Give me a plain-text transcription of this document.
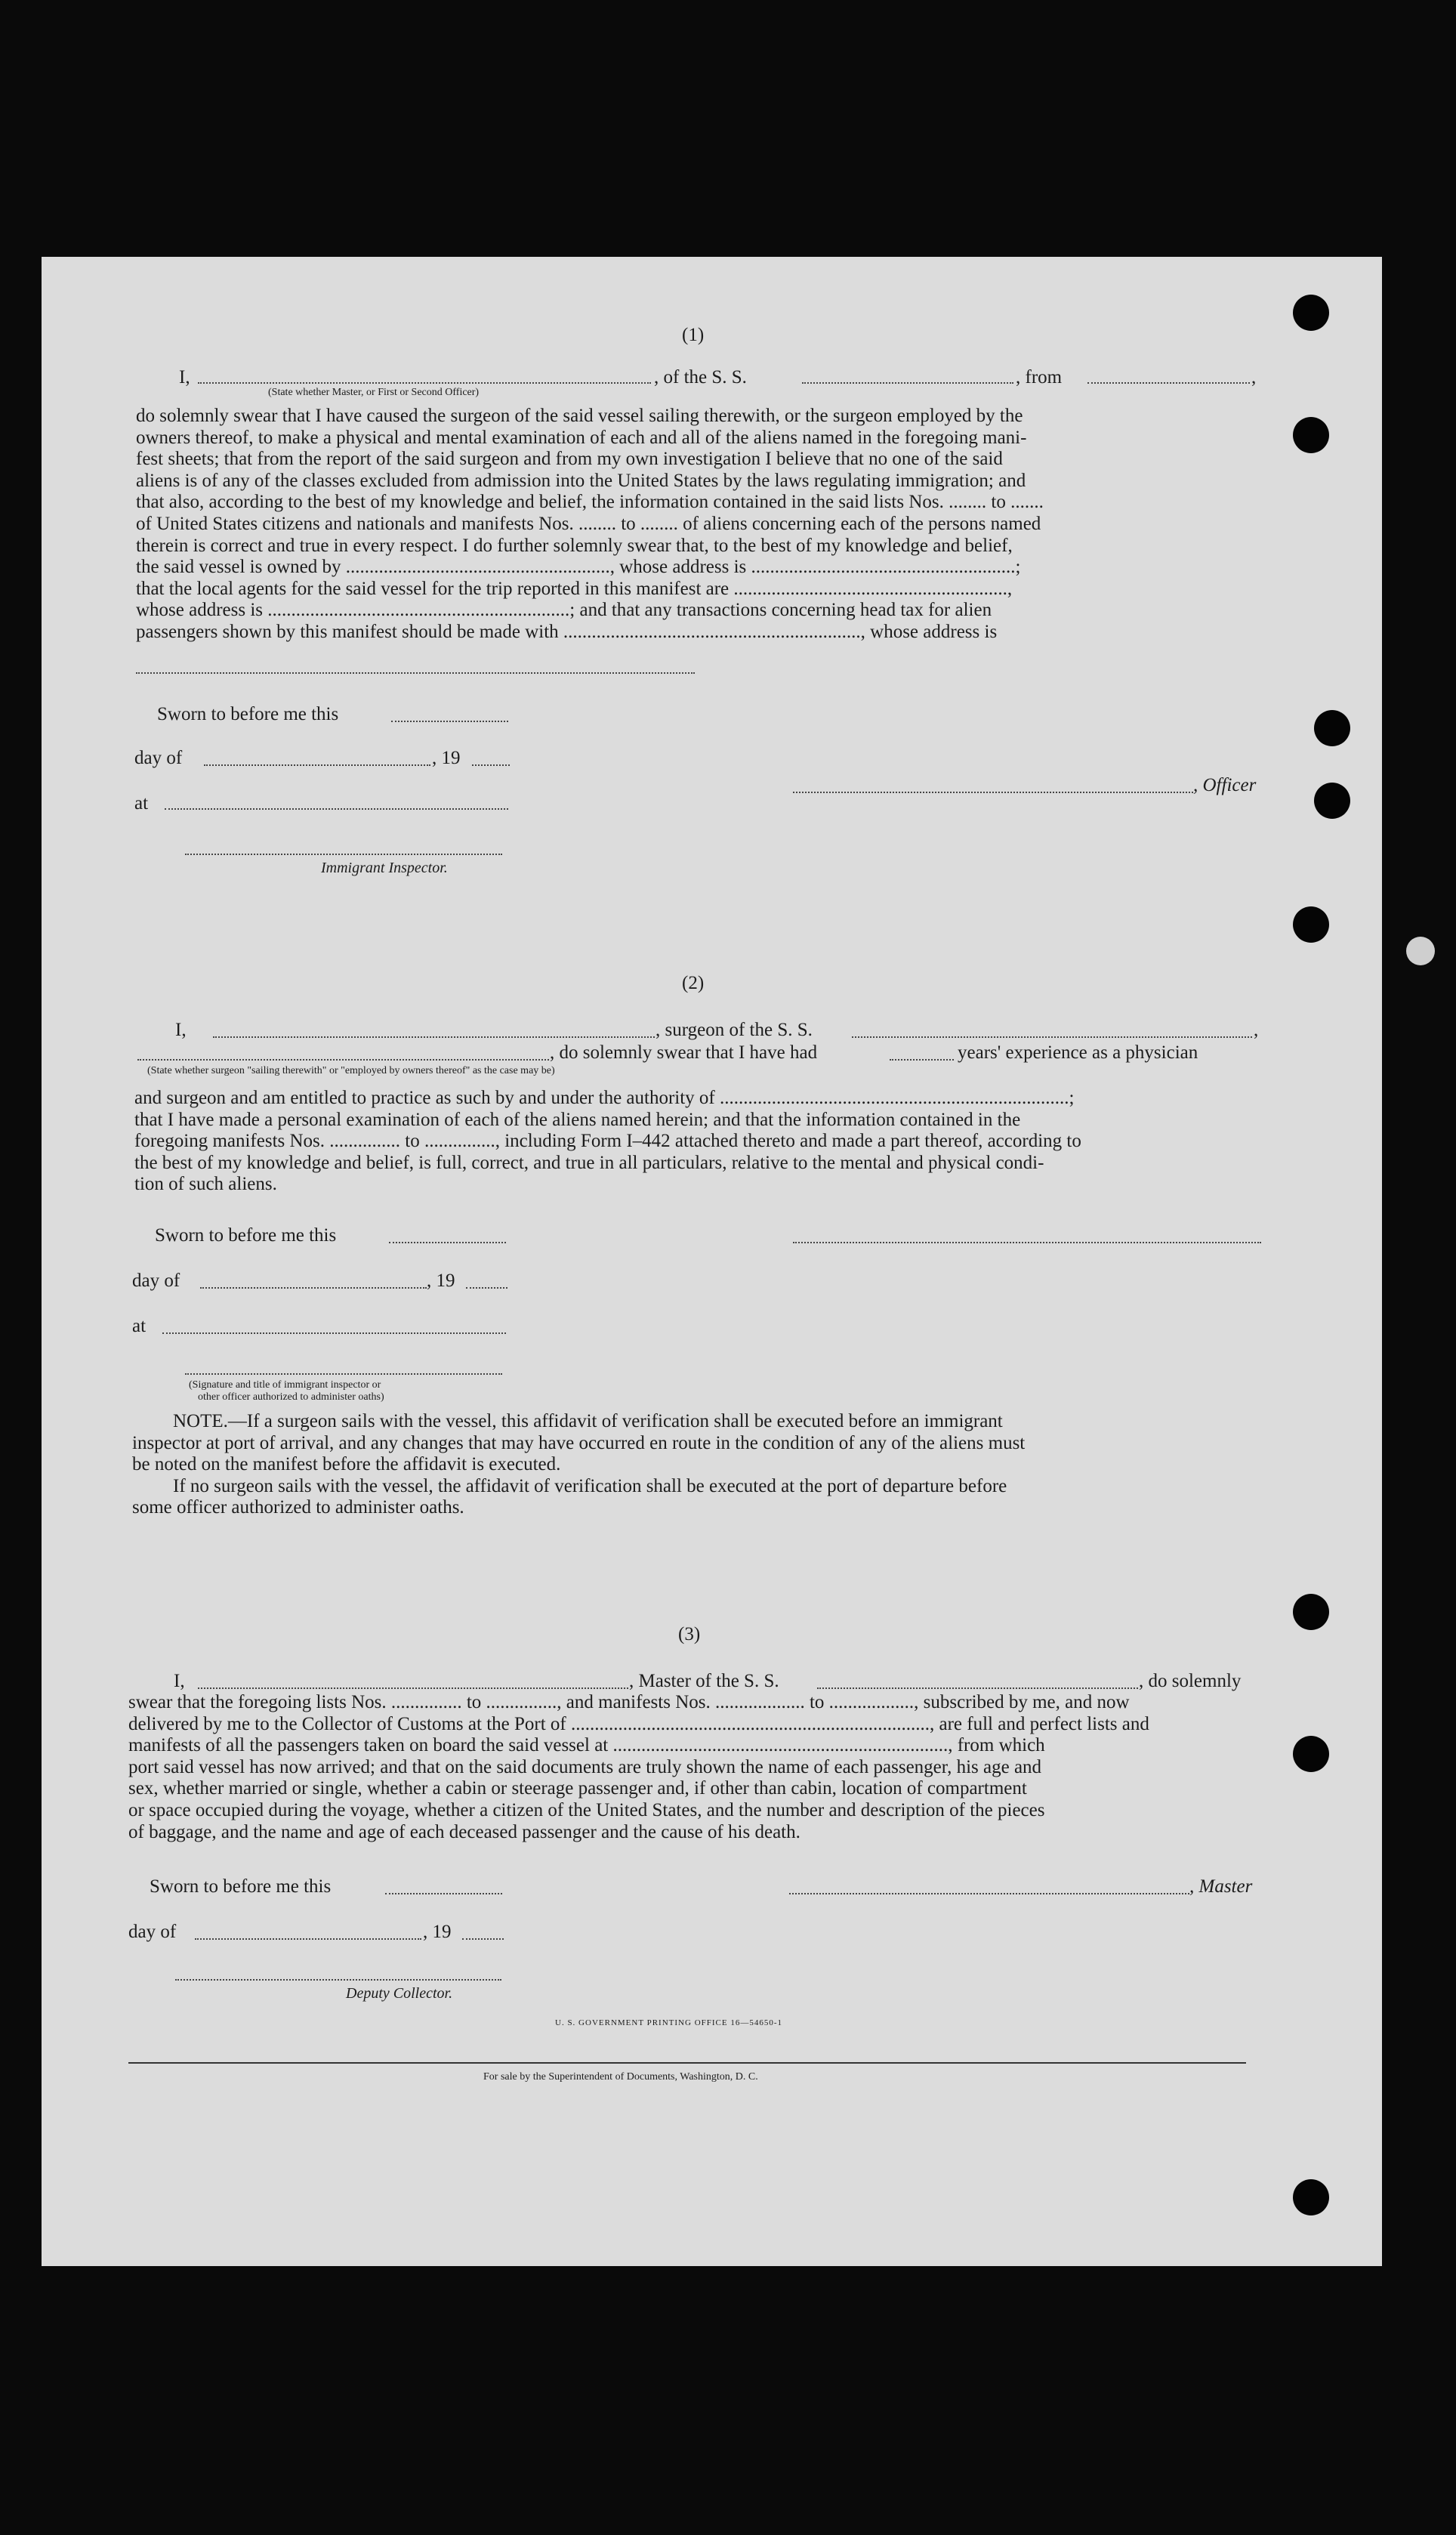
(1)
I,	, of the S. S.	, from	,
(State whether Master, or First or Second Officer)
do solemnly swear that I have caused the surgeon of the said vessel sailing therewith, or the surgeon employed by the
owners thereof, to make a physical and mental examination of each and all of the aliens named in the foregoing mani-
fest sheets; that from the report of the said surgeon and from my own investigation I believe that no one of the said
aliens is of any of the classes excluded from admission into the United States by the laws regulating immigration; and
that also, according to the best of my knowledge and belief, the information contained in the said lists Nos. ........ to .......
of United States citizens and nationals and manifests Nos. ........ to ........ of aliens concerning each of the persons named
therein is correct and true in every respect. I do further solemnly swear that, to the best of my knowledge and belief,
the said vessel is owned by ........................................................, whose address is ........................................................;
that the local agents for the said vessel for the trip reported in this manifest are ..........................................................,
whose address is ................................................................; and that any transactions concerning head tax for alien
passengers shown by this manifest should be made with ..............................................................., whose address is
Sworn to before me this
day of	, 19
at
, Officer
Immigrant Inspector.
(2)
I,	, surgeon of the S. S.	,
, do solemnly swear that I have had	years' experience as a physician
(State whether surgeon "sailing therewith" or "employed by owners thereof" as the case may be)
and surgeon and am entitled to practice as such by and under the authority of ..........................................................................;
that I have made a personal examination of each of the aliens named herein; and that the information contained in the
foregoing manifests Nos. ............... to ..............., including Form I–442 attached thereto and made a part thereof, according to
the best of my knowledge and belief, is full, correct, and true in all particulars, relative to the mental and physical condi-
tion of such aliens.
Sworn to before me this
day of	, 19
at
(Signature and title of immigrant inspector or
other officer authorized to administer oaths)
NOTE.—If a surgeon sails with the vessel, this affidavit of verification shall be executed before an immigrant
inspector at port of arrival, and any changes that may have occurred en route in the condition of any of the aliens must
be noted on the manifest before the affidavit is executed.
If no surgeon sails with the vessel, the affidavit of verification shall be executed at the port of departure before
some officer authorized to administer oaths.
(3)
I,	, Master of the S. S.	, do solemnly
swear that the foregoing lists Nos. ............... to ..............., and manifests Nos. ................... to .................., subscribed by me, and now
delivered by me to the Collector of Customs at the Port of ............................................................................, are full and perfect lists and
manifests of all the passengers taken on board the said vessel at ......................................................................., from which
port said vessel has now arrived; and that on the said documents are truly shown the name of each passenger, his age and
sex, whether married or single, whether a cabin or steerage passenger and, if other than cabin, location of compartment
or space occupied during the voyage, whether a citizen of the United States, and the number and description of the pieces
of baggage, and the name and age of each deceased passenger and the cause of his death.
Sworn to before me this	, Master
day of	, 19
Deputy Collector.
U. S. GOVERNMENT PRINTING OFFICE 16—54650-1
For sale by the Superintendent of Documents, Washington, D. C.
